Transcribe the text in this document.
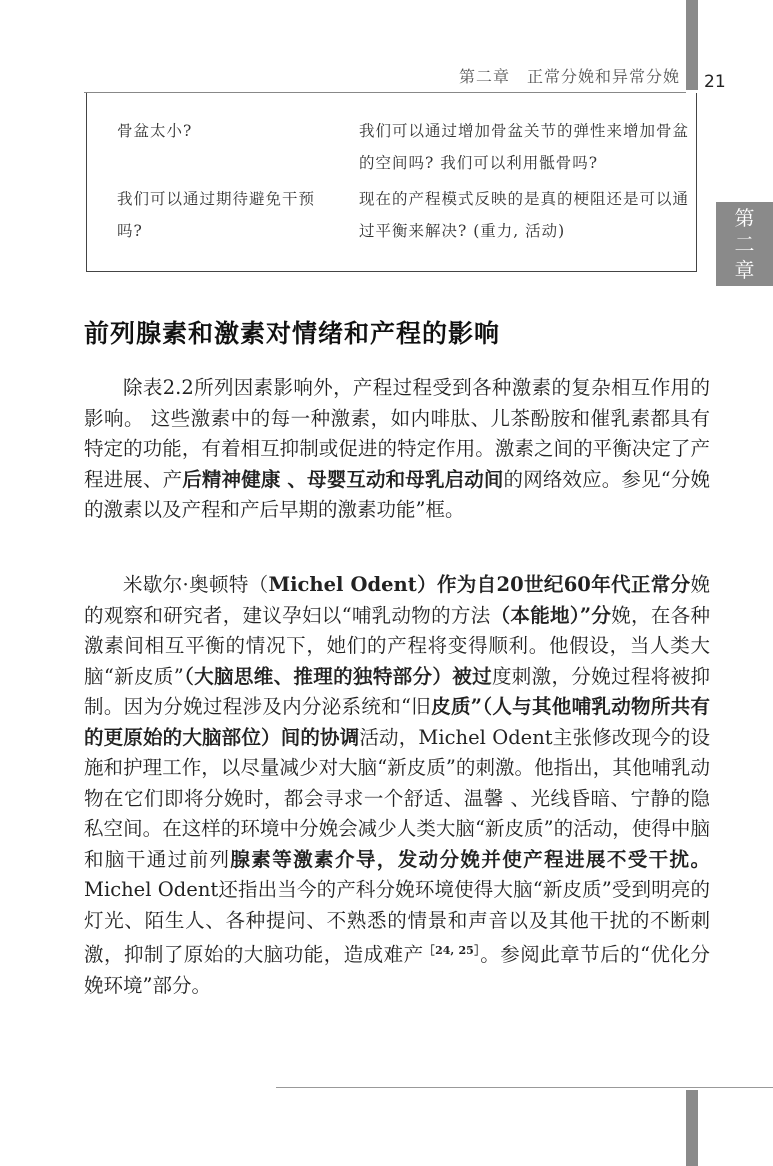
第二章　正常分娩和异常分娩 21
第
二
章
骨盆太小?	我们可以通过增加骨盆关节的弹性来增加骨盆的空间吗? 我们可以利用骶骨吗?
我们可以通过期待避免干预吗?
现在的产程模式反映的是真的梗阻还是可以通过平衡来解决? (重力, 活动)
前列腺素和激素对情绪和产程的影响

除表2.2所列因素影响外，产程过程受到各种激素的复杂相互作用的影响。 这些激素中的每一种激素，如内啡肽、儿茶酚胺和催乳素都具有特定的功能，有着相互抑制或促进的特定作用。激素之间的平衡决定了产程进展、产后精神健康 、母婴互动和母乳启动间的网络效应。参见“分娩的激素以及产程和产后早期的激素功能”框。

米歇尔·奥顿特（Michel Odent）作为自20世纪60年代正常分娩的观察和研究者，建议孕妇以“哺乳动物的方法（本能地）”分娩，在各种激素间相互平衡的情况下，她们的产程将变得顺利。他假设，当人类大脑“新皮质”（大脑思维、推理的独特部分）被过度刺激，分娩过程将被抑制。因为分娩过程涉及内分泌系统和“旧皮质”（人与其他哺乳动物所共有的更原始的大脑部位）间的协调活动，Michel Odent主张修改现今的设施和护理工作，以尽量减少对大脑“新皮质”的刺激。他指出，其他哺乳动物在它们即将分娩时，都会寻求一个舒适、温馨 、光线昏暗、宁静的隐私空间。在这样的环境中分娩会减少人类大脑“新皮质”的活动，使得中脑和脑干通过前列腺素等激素介导，发动分娩并使产程进展不受干扰。Michel Odent还指出当今的产科分娩环境使得大脑“新皮质”受到明亮的灯光、陌生人、各种提问、不熟悉的情景和声音以及其他干扰的不断刺激，抑制了原始的大脑功能，造成难产$^{[24, 25]}$。参阅此章节后的“优化分娩环境”部分。
